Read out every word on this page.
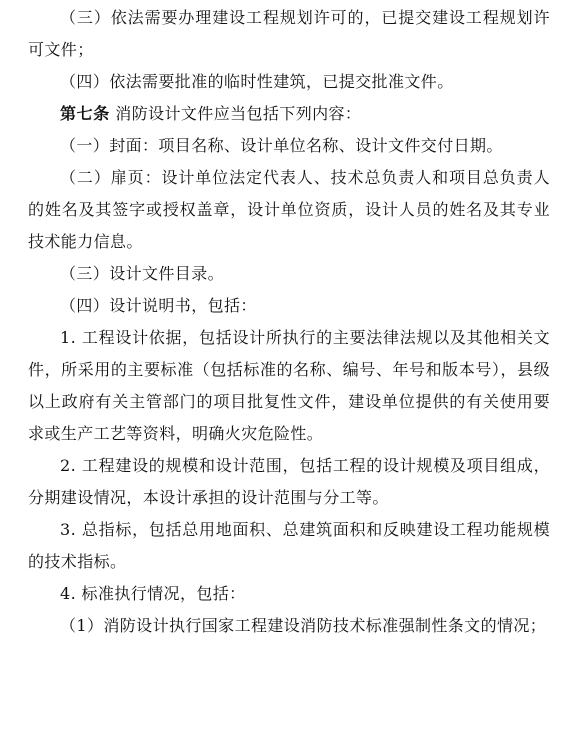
（三）依法需要办理建设工程规划许可的，已提交建设工程规划许可文件；

（四）依法需要批准的临时性建筑，已提交批准文件。

第七条 消防设计文件应当包括下列内容：

（一）封面：项目名称、设计单位名称、设计文件交付日期。

（二）扉页：设计单位法定代表人、技术总负责人和项目总负责人的姓名及其签字或授权盖章，设计单位资质，设计人员的姓名及其专业技术能力信息。

（三）设计文件目录。

（四）设计说明书，包括：

1. 工程设计依据，包括设计所执行的主要法律法规以及其他相关文件，所采用的主要标准（包括标准的名称、编号、年号和版本号），县级以上政府有关主管部门的项目批复性文件，建设单位提供的有关使用要求或生产工艺等资料，明确火灾危险性。

2. 工程建设的规模和设计范围，包括工程的设计规模及项目组成，分期建设情况，本设计承担的设计范围与分工等。

3. 总指标，包括总用地面积、总建筑面积和反映建设工程功能规模的技术指标。

4. 标准执行情况，包括：

（1）消防设计执行国家工程建设消防技术标准强制性条文的情况；
